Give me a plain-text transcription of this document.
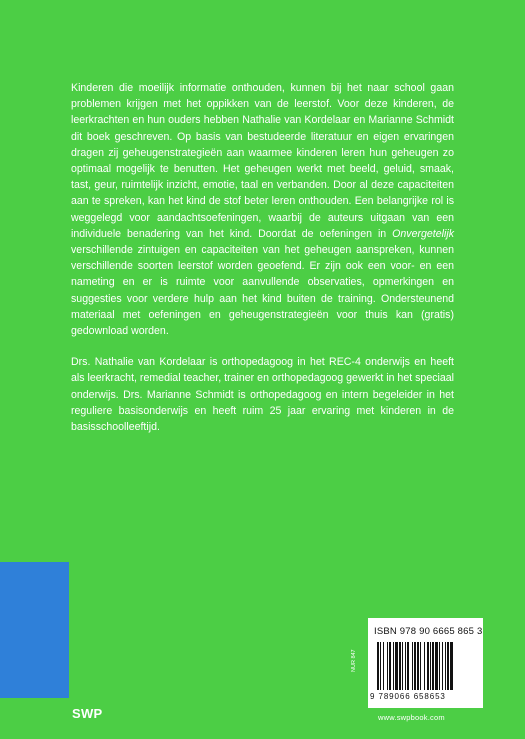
Kinderen die moeilijk informatie onthouden, kunnen bij het naar school gaan problemen krijgen met het oppikken van de leerstof. Voor deze kinderen, de leerkrachten en hun ouders hebben Nathalie van Kordelaar en Marianne Schmidt dit boek geschreven. Op basis van bestudeerde literatuur en eigen ervaringen dragen zij geheugenstrategieën aan waarmee kinderen leren hun geheugen zo optimaal mogelijk te benutten. Het geheugen werkt met beeld, geluid, smaak, tast, geur, ruimtelijk inzicht, emotie, taal en verbanden. Door al deze capaciteiten aan te spreken, kan het kind de stof beter leren onthouden. Een belangrijke rol is weggelegd voor aandachtsoefeningen, waarbij de auteurs uitgaan van een individuele benadering van het kind. Doordat de oefeningen in Onvergetelijk verschillende zintuigen en capaciteiten van het geheugen aanspreken, kunnen verschillende soorten leerstof worden geoefend. Er zijn ook een voor- en een nameting en er is ruimte voor aanvullende observaties, opmerkingen en suggesties voor verdere hulp aan het kind buiten de training. Ondersteunend materiaal met oefeningen en geheugenstrategieën voor thuis kan (gratis) gedownload worden.

Drs. Nathalie van Kordelaar is orthopedagoog in het REC-4 onderwijs en heeft als leerkracht, remedial teacher, trainer en orthopedagoog gewerkt in het speciaal onderwijs. Drs. Marianne Schmidt is orthopedagoog en intern begeleider in het reguliere basisonderwijs en heeft ruim 25 jaar ervaring met kinderen in de basisschoolleeftijd.

SWP
ISBN 978 90 6665 865 3
9 789066 658653
NUR 847
www.swpbook.com
